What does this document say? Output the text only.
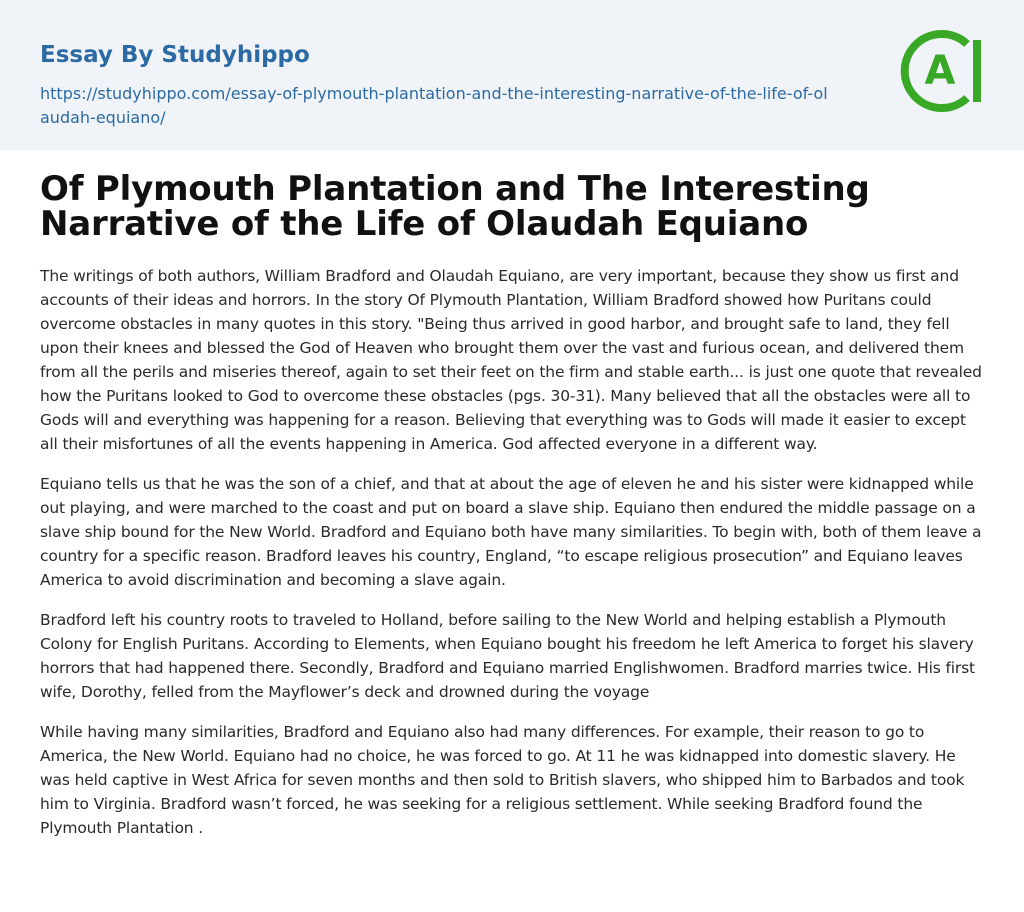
Essay By Studyhippo
https://studyhippo.com/essay-of-plymouth-plantation-and-the-interesting-narrative-of-the-life-of-olaudah-equiano/
A
Of Plymouth Plantation and The Interesting Narrative of the Life of Olaudah Equiano

The writings of both authors, William Bradford and Olaudah Equiano, are very important, because they show us first and accounts of their ideas and horrors. In the story Of Plymouth Plantation, William Bradford showed how Puritans could overcome obstacles in many quotes in this story. "Being thus arrived in good harbor, and brought safe to land, they fell upon their knees and blessed the God of Heaven who brought them over the vast and furious ocean, and delivered them from all the perils and miseries thereof, again to set their feet on the firm and stable earth... is just one quote that revealed how the Puritans looked to God to overcome these obstacles (pgs. 30-31). Many believed that all the obstacles were all to Gods will and everything was happening for a reason. Believing that everything was to Gods will made it easier to except all their misfortunes of all the events happening in America. God affected everyone in a different way.

Equiano tells us that he was the son of a chief, and that at about the age of eleven he and his sister were kidnapped while out playing, and were marched to the coast and put on board a slave ship. Equiano then endured the middle passage on a slave ship bound for the New World. Bradford and Equiano both have many similarities. To begin with, both of them leave a country for a specific reason. Bradford leaves his country, England, “to escape religious prosecution” and Equiano leaves America to avoid discrimination and becoming a slave again.

Bradford left his country roots to traveled to Holland, before sailing to the New World and helping establish a Plymouth Colony for English Puritans. According to Elements, when Equiano bought his freedom he left America to forget his slavery horrors that had happened there. Secondly, Bradford and Equiano married Englishwomen. Bradford marries twice. His first wife, Dorothy, felled from the Mayflower’s deck and drowned during the voyage

While having many similarities, Bradford and Equiano also had many differences. For example, their reason to go to America, the New World. Equiano had no choice, he was forced to go. At 11 he was kidnapped into domestic slavery. He was held captive in West Africa for seven months and then sold to British slavers, who shipped him to Barbados and took him to Virginia. Bradford wasn’t forced, he was seeking for a religious settlement. While seeking Bradford found the Plymouth Plantation .
